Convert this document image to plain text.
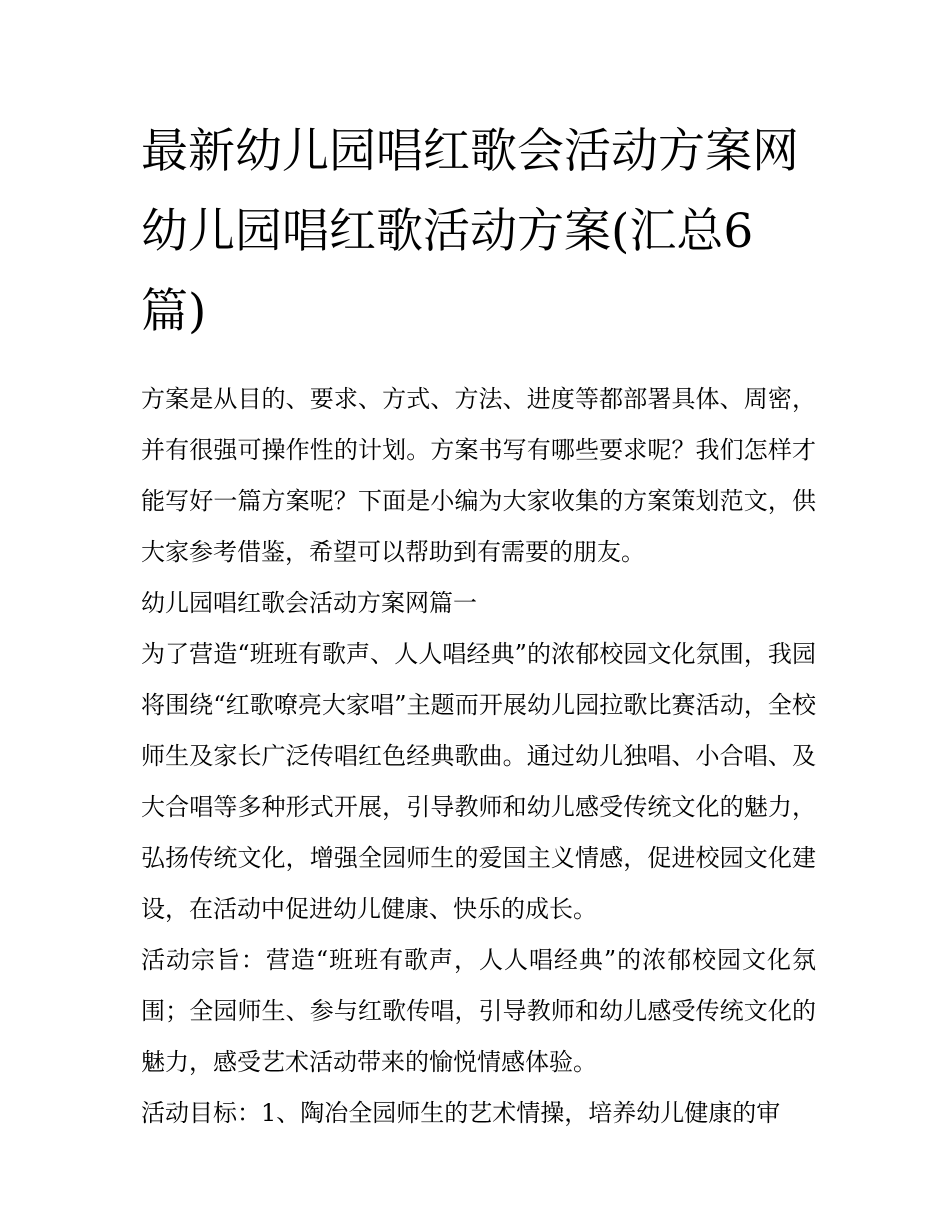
最新幼儿园唱红歌会活动方案网 幼儿园唱红歌活动方案(汇总6篇)

方案是从目的、要求、方式、方法、进度等都部署具体、周密，并有很强可操作性的计划。方案书写有哪些要求呢？我们怎样才能写好一篇方案呢？下面是小编为大家收集的方案策划范文，供大家参考借鉴，希望可以帮助到有需要的朋友。

幼儿园唱红歌会活动方案网篇一

为了营造“班班有歌声、人人唱经典”的浓郁校园文化氛围，我园将围绕“红歌嘹亮大家唱”主题而开展幼儿园拉歌比赛活动，全校师生及家长广泛传唱红色经典歌曲。通过幼儿独唱、小合唱、及大合唱等多种形式开展，引导教师和幼儿感受传统文化的魅力，弘扬传统文化，增强全园师生的爱国主义情感，促进校园文化建设，在活动中促进幼儿健康、快乐的成长。

活动宗旨：营造“班班有歌声，人人唱经典”的浓郁校园文化氛围；全园师生、参与红歌传唱，引导教师和幼儿感受传统文化的魅力，感受艺术活动带来的愉悦情感体验。

活动目标：1、陶冶全园师生的艺术情操，培养幼儿健康的审
